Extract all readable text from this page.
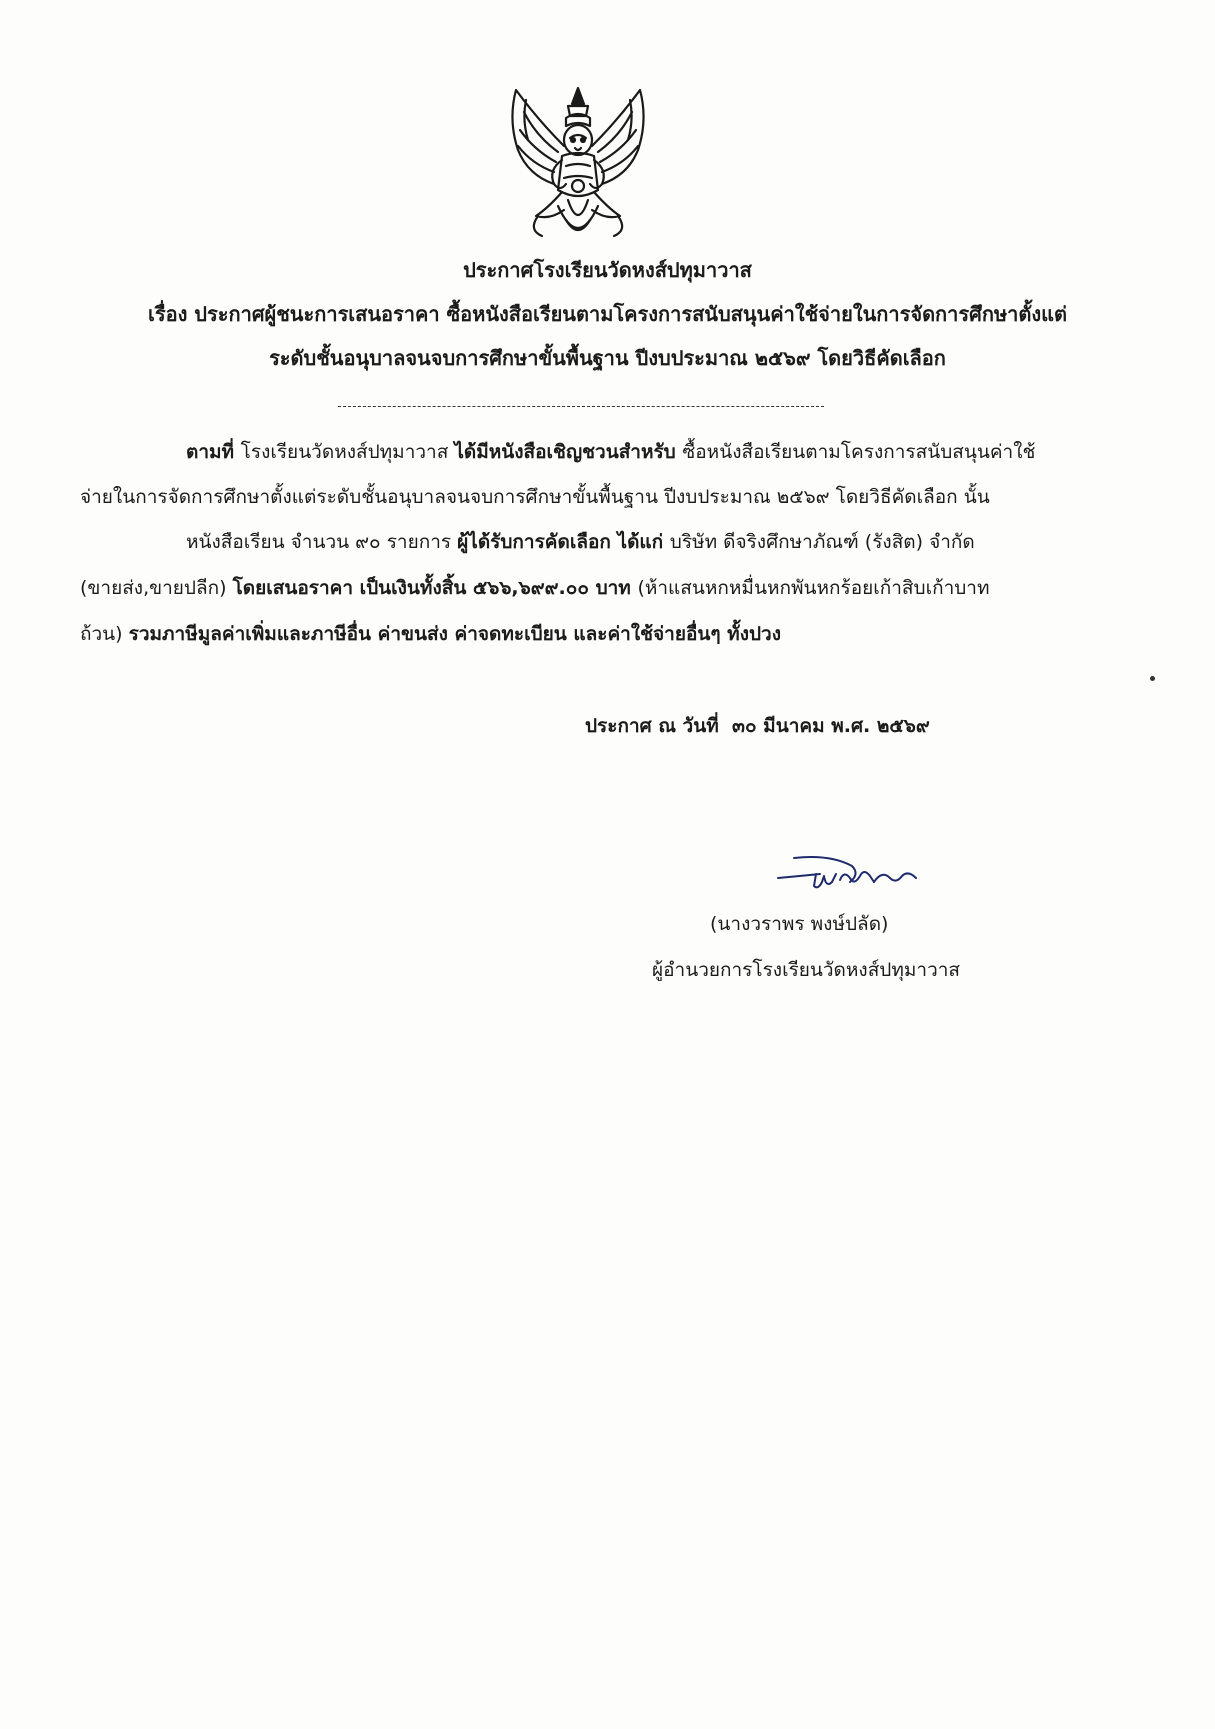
ประกาศโรงเรียนวัดหงส์ปทุมาวาส
เรื่อง ประกาศผู้ชนะการเสนอราคา ซื้อหนังสือเรียนตามโครงการสนับสนุนค่าใช้จ่ายในการจัดการศึกษาตั้งแต่
ระดับชั้นอนุบาลจนจบการศึกษาขั้นพื้นฐาน ปีงบประมาณ ๒๕๖๙ โดยวิธีคัดเลือก
ตามที่ โรงเรียนวัดหงส์ปทุมาวาส ได้มีหนังสือเชิญชวนสำหรับ ซื้อหนังสือเรียนตามโครงการสนับสนุนค่าใช้
จ่ายในการจัดการศึกษาตั้งแต่ระดับชั้นอนุบาลจนจบการศึกษาขั้นพื้นฐาน ปีงบประมาณ ๒๕๖๙ โดยวิธีคัดเลือก นั้น
หนังสือเรียน จำนวน ๙๐ รายการ ผู้ได้รับการคัดเลือก ได้แก่ บริษัท ดีจริงศึกษาภัณฑ์ (รังสิต) จำกัด
(ขายส่ง,ขายปลีก) โดยเสนอราคา เป็นเงินทั้งสิ้น ๕๖๖,๖๙๙.๐๐ บาท (ห้าแสนหกหมื่นหกพันหกร้อยเก้าสิบเก้าบาท
ถ้วน) รวมภาษีมูลค่าเพิ่มและภาษีอื่น ค่าขนส่ง ค่าจดทะเบียน และค่าใช้จ่ายอื่นๆ ทั้งปวง
ประกาศ ณ วันที่ ๓๐ มีนาคม พ.ศ. ๒๕๖๙
(นางวราพร พงษ์ปลัด)
ผู้อำนวยการโรงเรียนวัดหงส์ปทุมาวาส
